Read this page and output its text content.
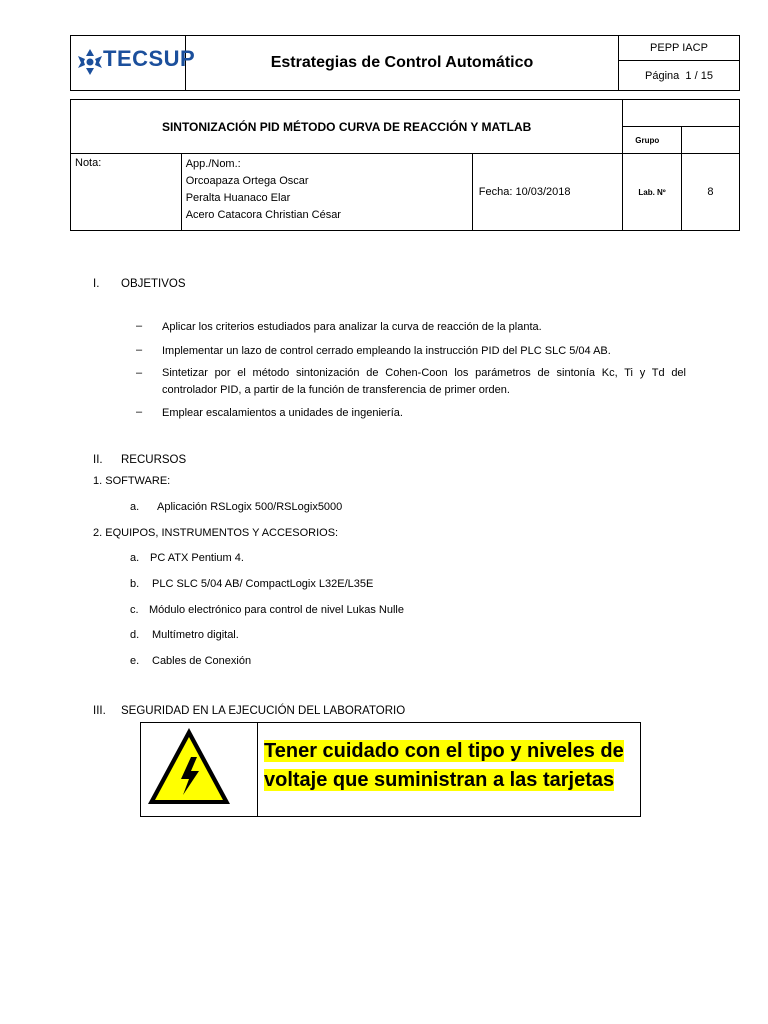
TECSUP	Estrategias de Control Automático	PEPP IACP
Página 1 / 15
SINTONIZACIÓN PID MÉTODO CURVA DE REACCIÓN Y MATLAB				
			Grupo	
Nota:	App./Nom.:
Orcoapaza Ortega Oscar
Peralta Huanaco Elar
Acero Catacora Christian César	Fecha: 10/03/2018	Lab. Nº	8
I. OBJETIVOS
– Aplicar los criterios estudiados para analizar la curva de reacción de la planta.
– Implementar un lazo de control cerrado empleando la instrucción PID del PLC SLC 5/04 AB.
– Sintetizar por el método sintonización de Cohen-Coon los parámetros de sintonía Kc, Ti y Td del
controlador PID, a partir de la función de transferencia de primer orden.
– Emplear escalamientos a unidades de ingeniería.
II. RECURSOS
1. SOFTWARE:
a. Aplicación RSLogix 500/RSLogix5000
2. EQUIPOS, INSTRUMENTOS Y ACCESORIOS:
a. PC ATX Pentium 4.
b. PLC SLC 5/04 AB/ CompactLogix L32E/L35E
c. Módulo electrónico para control de nivel Lukas Nulle
d. Multímetro digital.
e. Cables de Conexión
III. SEGURIDAD EN LA EJECUCIÓN DEL LABORATORIO
Tener cuidado con el tipo y niveles de
voltaje que suministran a las tarjetas
